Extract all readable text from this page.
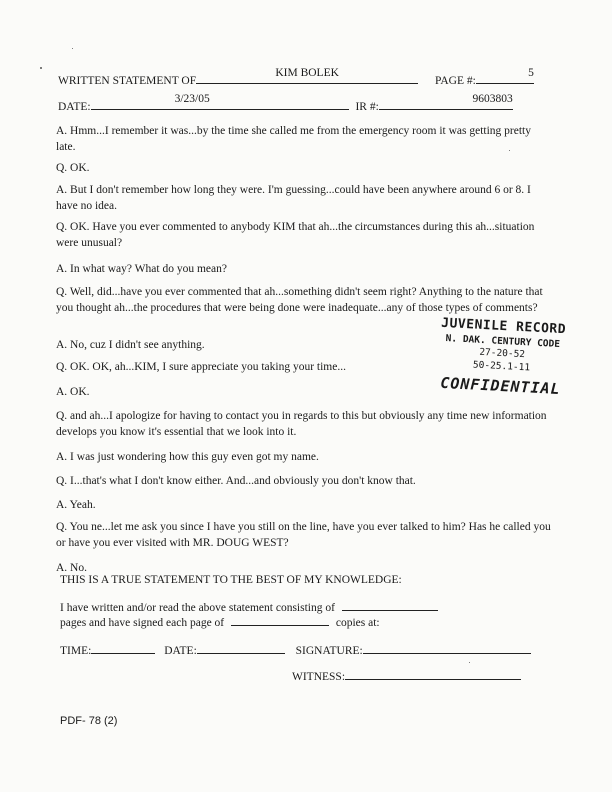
WRITTEN STATEMENT OF
KIM BOLEK
PAGE #:
5
DATE:
3/23/05
IR #:
9603803
A. Hmm...I remember it was...by the time she called me from the emergency room it was getting pretty late.
Q. OK.
A. But I don't remember how long they were. I'm guessing...could have been anywhere around 6 or 8. I have no idea.
Q. OK. Have you ever commented to anybody KIM that ah...the circumstances during this ah...situation were unusual?
A. In what way? What do you mean?
Q. Well, did...have you ever commented that ah...something didn't seem right? Anything to the nature that you thought ah...the procedures that were being done were inadequate...any of those types of comments?
A. No, cuz I didn't see anything.
Q. OK. OK, ah...KIM, I sure appreciate you taking your time...
A. OK.
Q. and ah...I apologize for having to contact you in regards to this but obviously any time new information develops you know it's essential that we look into it.
A. I was just wondering how this guy even got my name.
Q. I...that's what I don't know either. And...and obviously you don't know that.
A. Yeah.
Q. You ne...let me ask you since I have you still on the line, have you ever talked to him? Has he called you or have you ever visited with MR. DOUG WEST?
A. No.
JUVENILE RECORD
N. DAK. CENTURY CODE
27-20-52
50-25.1-11
CONFIDENTIAL
THIS IS A TRUE STATEMENT TO THE BEST OF MY KNOWLEDGE:
I have written and/or read the above statement consisting of
pages and have signed each page of	copies at:
TIME:	DATE:	SIGNATURE:
WITNESS:
PDF- 78 (2)
